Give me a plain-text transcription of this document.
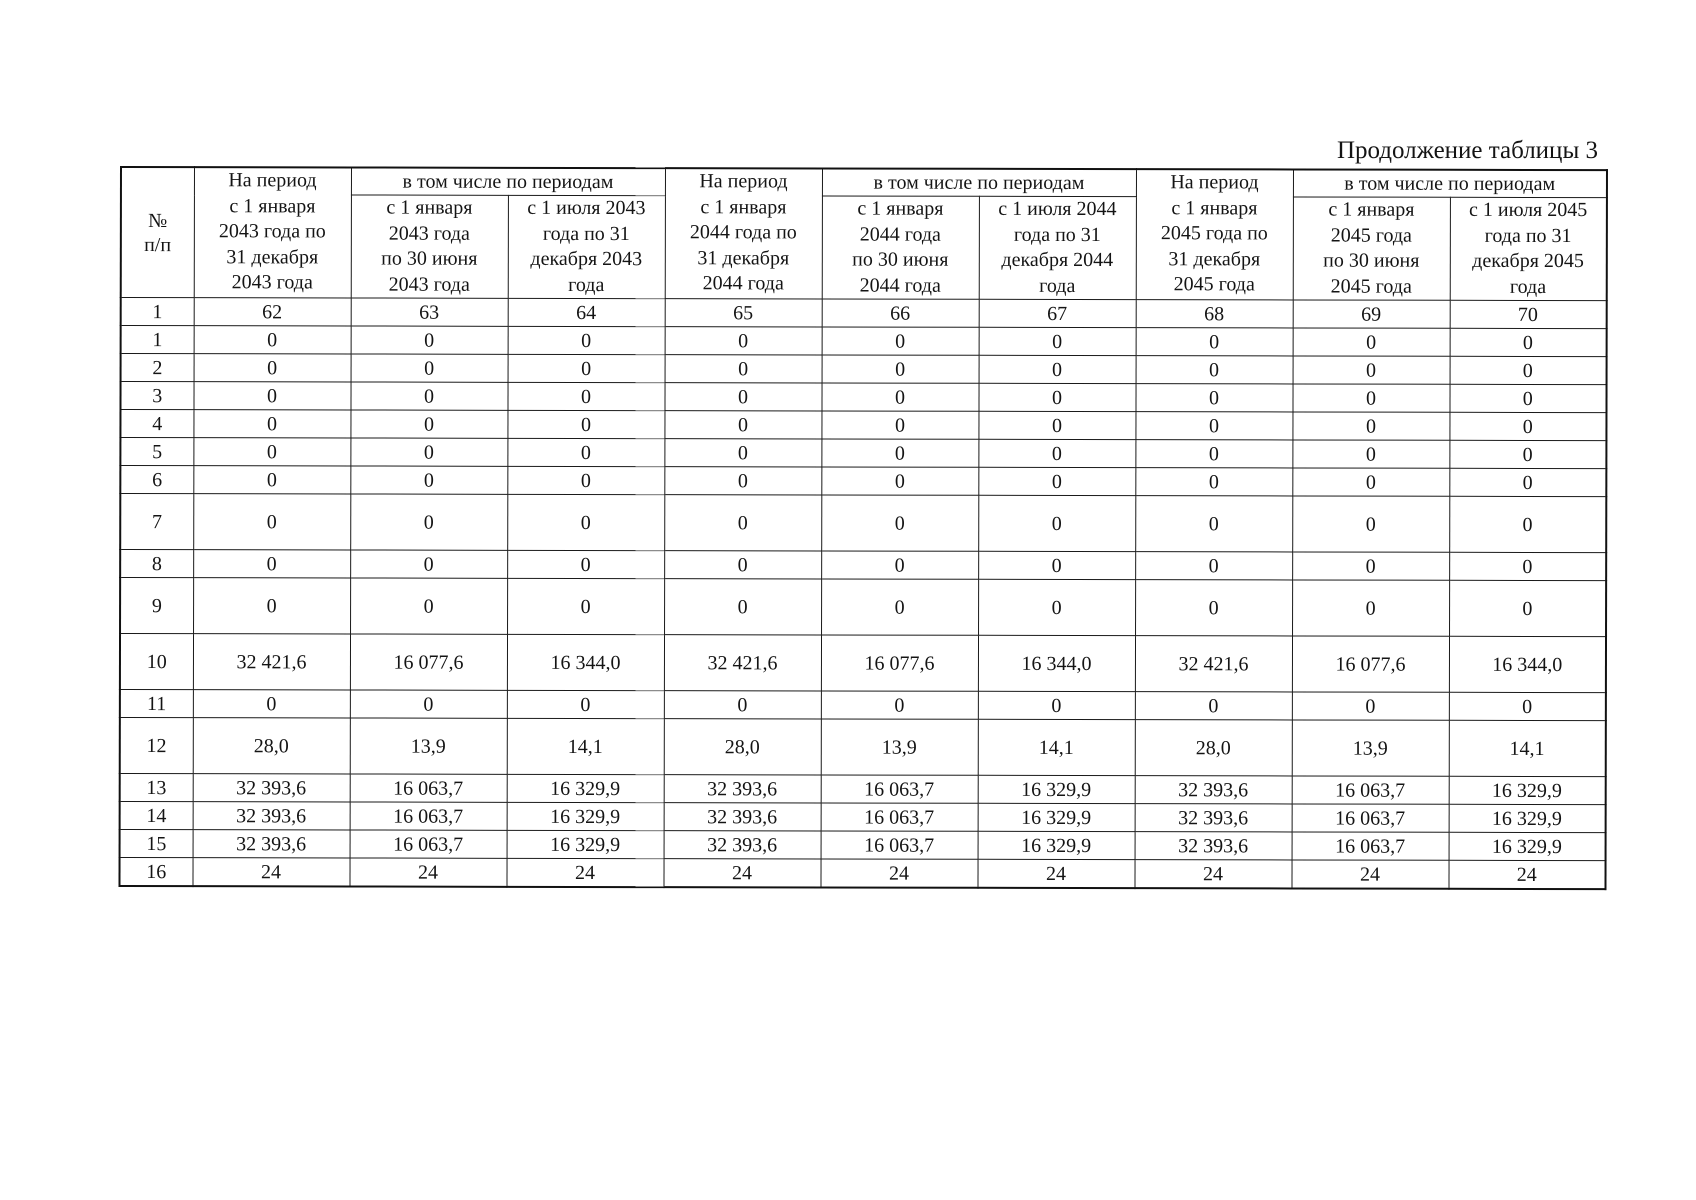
Продолжение таблицы 3
№
п/п	На период
с 1 января
2043 года по
31 декабря
2043 года	в том числе по периодам		На период
с 1 января
2044 года по
31 декабря
2044 года	в том числе по периодам		На период
с 1 января
2045 года по
31 декабря
2045 года	в том числе по периодам	
		с 1 января
2043 года
по 30 июня
2043 года	с 1 июля 2043
года по 31
декабря 2043
года		с 1 января
2044 года
по 30 июня
2044 года	с 1 июля 2044
года по 31
декабря 2044
года		с 1 января
2045 года
по 30 июня
2045 года	с 1 июля 2045
года по 31
декабря 2045
года
1	62	63	64	65	66	67	68	69	70
1	0	0	0	0	0	0	0	0	0
2	0	0	0	0	0	0	0	0	0
3	0	0	0	0	0	0	0	0	0
4	0	0	0	0	0	0	0	0	0
5	0	0	0	0	0	0	0	0	0
6	0	0	0	0	0	0	0	0	0
7	0	0	0	0	0	0	0	0	0
8	0	0	0	0	0	0	0	0	0
9	0	0	0	0	0	0	0	0	0
10	32 421,6	16 077,6	16 344,0	32 421,6	16 077,6	16 344,0	32 421,6	16 077,6	16 344,0
11	0	0	0	0	0	0	0	0	0
12	28,0	13,9	14,1	28,0	13,9	14,1	28,0	13,9	14,1
13	32 393,6	16 063,7	16 329,9	32 393,6	16 063,7	16 329,9	32 393,6	16 063,7	16 329,9
14	32 393,6	16 063,7	16 329,9	32 393,6	16 063,7	16 329,9	32 393,6	16 063,7	16 329,9
15	32 393,6	16 063,7	16 329,9	32 393,6	16 063,7	16 329,9	32 393,6	16 063,7	16 329,9
16	24	24	24	24	24	24	24	24	24
